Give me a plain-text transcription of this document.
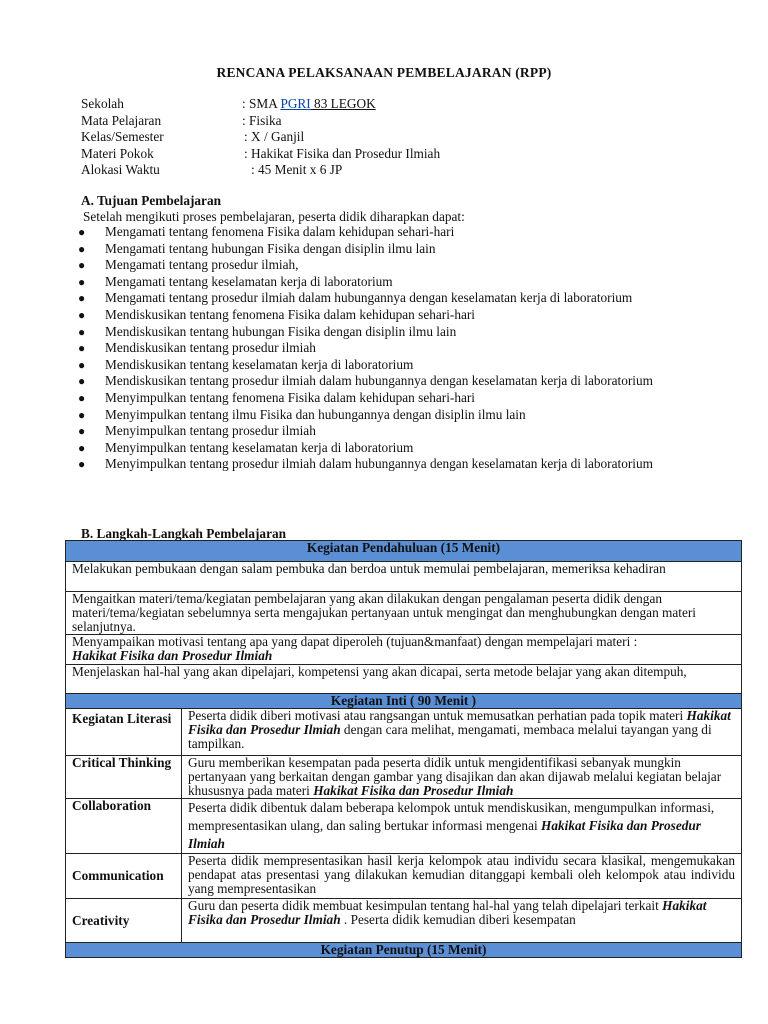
RENCANA PELAKSANAAN PEMBELAJARAN (RPP)
Sekolah	: SMA PGRI 83 LEGOK
Mata Pelajaran	: Fisika
Kelas/Semester	: X / Ganjil
Materi Pokok	: Hakikat Fisika dan Prosedur Ilmiah
Alokasi Waktu	: 45 Menit x 6 JP
A. Tujuan Pembelajaran
Setelah mengikuti proses pembelajaran, peserta didik diharapkan dapat:
● Mengamati tentang fenomena Fisika dalam kehidupan sehari-hari
● Mengamati tentang hubungan Fisika dengan disiplin ilmu lain
● Mengamati tentang prosedur ilmiah,
● Mengamati tentang keselamatan kerja di laboratorium
● Mengamati tentang prosedur ilmiah dalam hubungannya dengan keselamatan kerja di laboratorium
● Mendiskusikan tentang fenomena Fisika dalam kehidupan sehari-hari
● Mendiskusikan tentang hubungan Fisika dengan disiplin ilmu lain
● Mendiskusikan tentang prosedur ilmiah
● Mendiskusikan tentang keselamatan kerja di laboratorium
● Mendiskusikan tentang prosedur ilmiah dalam hubungannya dengan keselamatan kerja di laboratorium
● Menyimpulkan tentang fenomena Fisika dalam kehidupan sehari-hari
● Menyimpulkan tentang ilmu Fisika dan hubungannya dengan disiplin ilmu lain
● Menyimpulkan tentang prosedur ilmiah
● Menyimpulkan tentang keselamatan kerja di laboratorium
● Menyimpulkan tentang prosedur ilmiah dalam hubungannya dengan keselamatan kerja di laboratorium
B. Langkah-Langkah Pembelajaran
Kegiatan Pendahuluan (15 Menit)	
Melakukan pembukaan dengan salam pembuka dan berdoa untuk memulai pembelajaran, memeriksa kehadiran	
Mengaitkan materi/tema/kegiatan pembelajaran yang akan dilakukan dengan pengalaman peserta didik dengan materi/tema/kegiatan sebelumnya serta mengajukan pertanyaan untuk mengingat dan menghubungkan dengan materi selanjutnya.	
Menyampaikan motivasi tentang apa yang dapat diperoleh (tujuan&manfaat) dengan mempelajari materi :
Hakikat Fisika dan Prosedur Ilmiah	
Menjelaskan hal-hal yang akan dipelajari, kompetensi yang akan dicapai, serta metode belajar yang akan ditempuh,	
Kegiatan Inti ( 90 Menit )	
Kegiatan Literasi	Peserta didik diberi motivasi atau rangsangan untuk memusatkan perhatian pada topik materi Hakikat Fisika dan Prosedur Ilmiah dengan cara melihat, mengamati, membaca melalui tayangan yang di tampilkan.
Critical Thinking	Guru memberikan kesempatan pada peserta didik untuk mengidentifikasi sebanyak mungkin pertanyaan yang berkaitan dengan gambar yang disajikan dan akan dijawab melalui kegiatan belajar khususnya pada materi Hakikat Fisika dan Prosedur Ilmiah
Collaboration	Peserta didik dibentuk dalam beberapa kelompok untuk mendiskusikan, mengumpulkan informasi, mempresentasikan ulang, dan saling bertukar informasi mengenai Hakikat Fisika dan Prosedur Ilmiah
Communication	Peserta didik mempresentasikan hasil kerja kelompok atau individu secara klasikal, mengemukakan pendapat atas presentasi yang dilakukan kemudian ditanggapi kembali oleh kelompok atau individu yang mempresentasikan
Creativity	Guru dan peserta didik membuat kesimpulan tentang hal-hal yang telah dipelajari terkait Hakikat Fisika dan Prosedur Ilmiah . Peserta didik kemudian diberi kesempatan
Kegiatan Penutup (15 Menit)	
